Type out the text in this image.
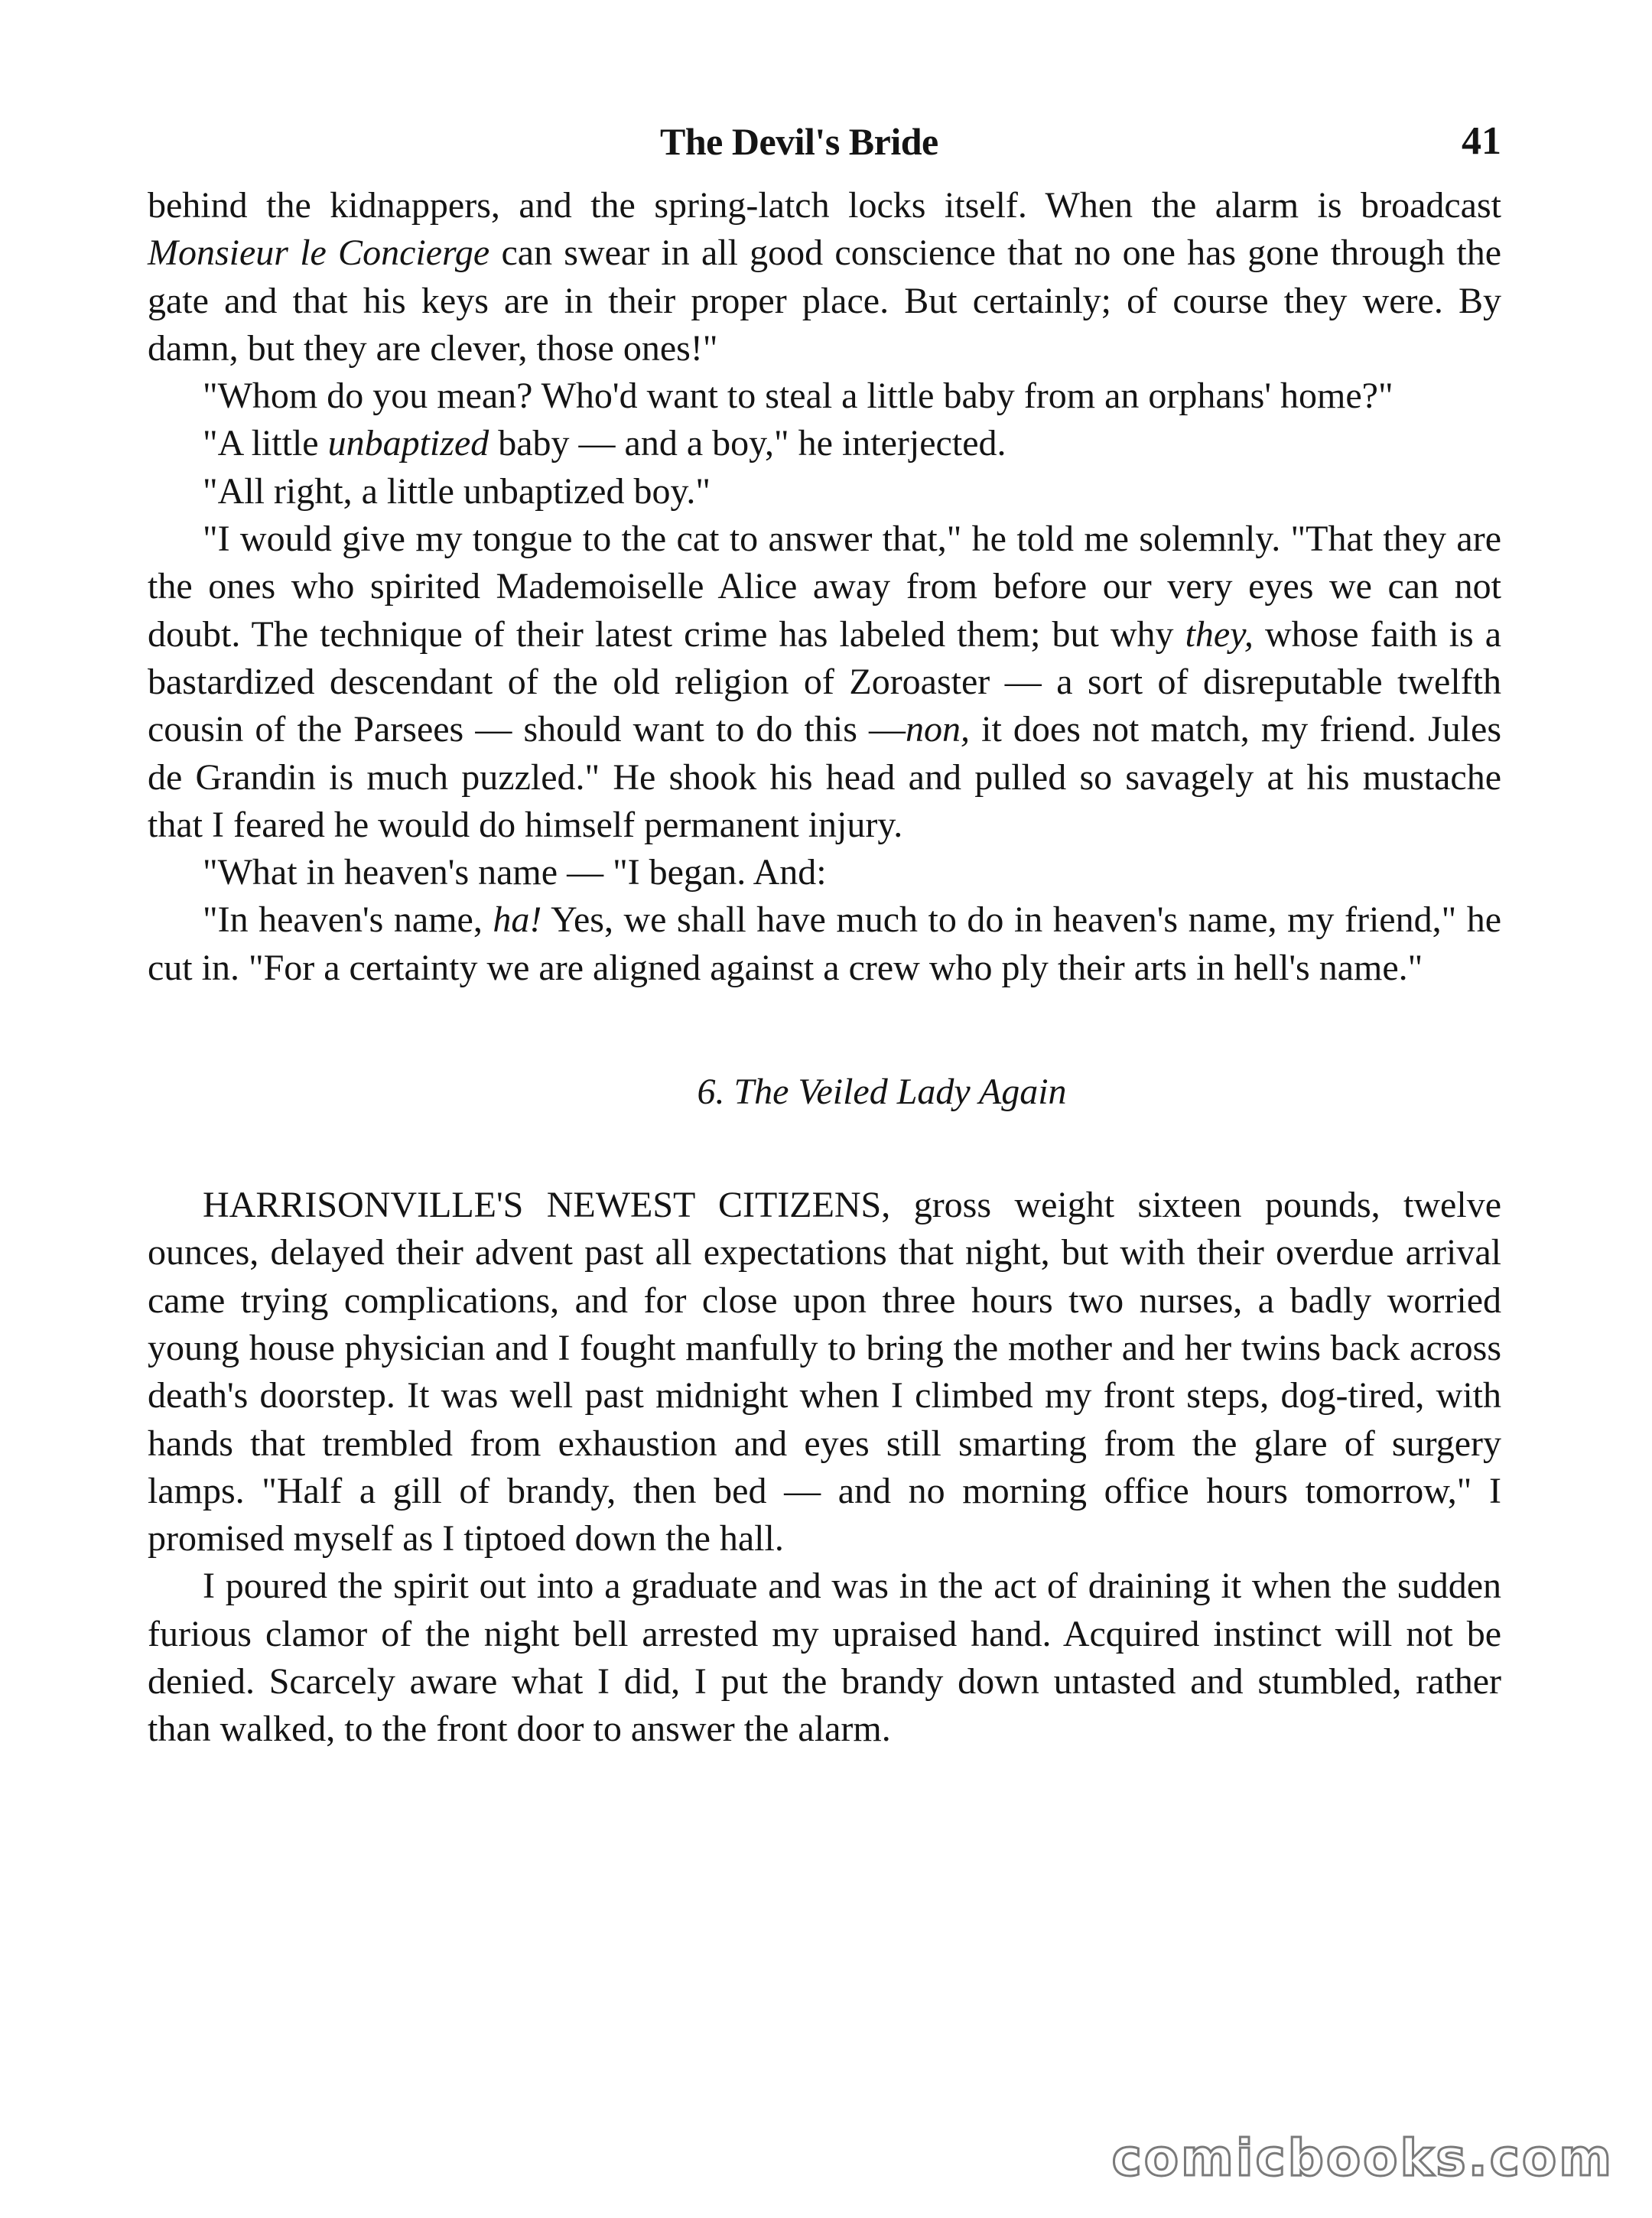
The Devil's Bride	41

behind the kidnappers, and the spring-latch locks itself. When the alarm is broadcast Monsieur le Concierge can swear in all good conscience that no one has gone through the gate and that his keys are in their proper place. But certainly; of course they were. By damn, but they are clever, those ones!"

"Whom do you mean? Who'd want to steal a little baby from an orphans' home?"

"A little unbaptized baby — and a boy," he interjected.

"All right, a little unbaptized boy."

"I would give my tongue to the cat to answer that," he told me solemnly. "That they are the ones who spirited Mademoiselle Alice away from before our very eyes we can not doubt. The technique of their latest crime has labeled them; but why they, whose faith is a bastardized descendant of the old religion of Zoroaster — a sort of disreputable twelfth cousin of the Parsees — should want to do this —non, it does not match, my friend. Jules de Grandin is much puzzled." He shook his head and pulled so savagely at his mustache that I feared he would do himself permanent injury.

"What in heaven's name — "I began. And:

"In heaven's name, ha! Yes, we shall have much to do in heaven's name, my friend," he cut in. "For a certainty we are aligned against a crew who ply their arts in hell's name."

6. The Veiled Lady Again

HARRISONVILLE'S NEWEST CITIZENS, gross weight sixteen pounds, twelve ounces, delayed their advent past all expectations that night, but with their overdue arrival came trying complications, and for close upon three hours two nurses, a badly worried young house physician and I fought manfully to bring the mother and her twins back across death's doorstep. It was well past midnight when I climbed my front steps, dog-tired, with hands that trembled from exhaustion and eyes still smarting from the glare of surgery lamps. "Half a gill of brandy, then bed — and no morning office hours tomorrow," I promised myself as I tiptoed down the hall.

I poured the spirit out into a graduate and was in the act of draining it when the sudden furious clamor of the night bell arrested my upraised hand. Acquired instinct will not be denied. Scarcely aware what I did, I put the brandy down untasted and stumbled, rather than walked, to the front door to answer the alarm.

comicbooks.com
